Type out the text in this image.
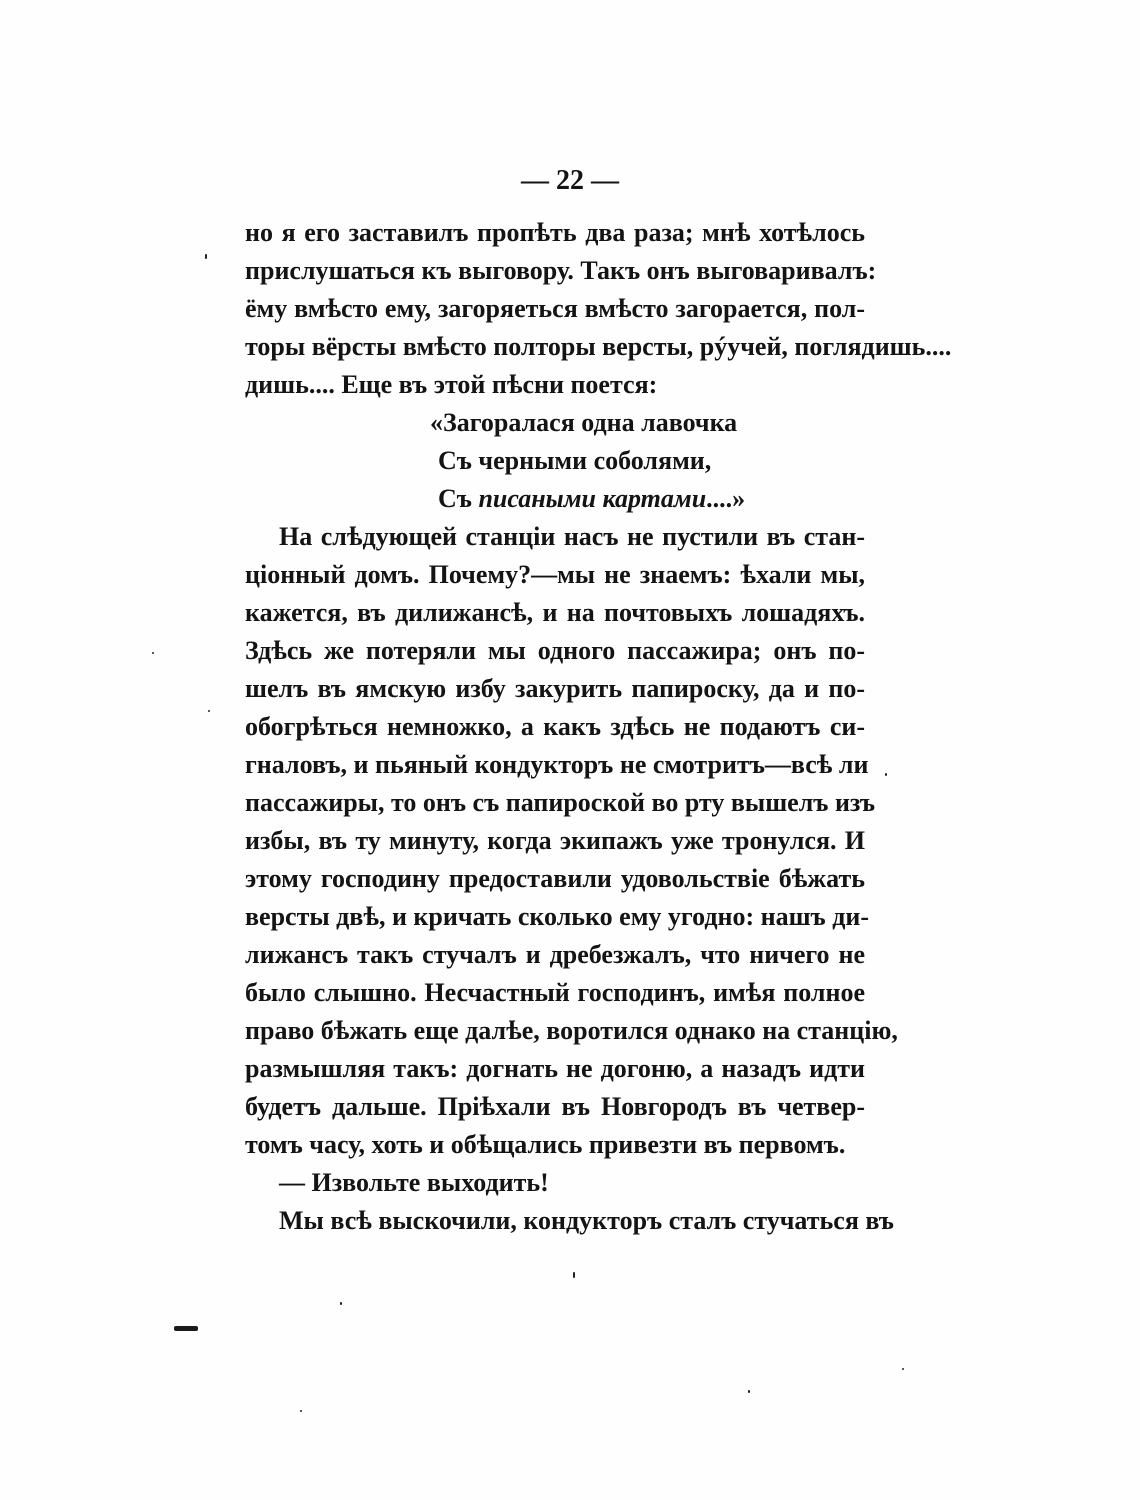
— 22 —
но я его заставилъ пропѣть два раза; мнѣ хотѣлось
прислушаться къ выговору. Такъ онъ выговаривалъ:
ёму вмѣсто ему, загоряеться вмѣсто загорается, пол-
торы вёрсты вмѣсто полторы версты, рýучей, поглядишь....
дишь.... Еще въ этой пѣсни поется:
«Загоралася одна лавочка
Съ черными соболями,
Съ писаными картами....»
На слѣдующей станціи насъ не пустили въ стан-
ціонный домъ. Почему?—мы не знаемъ: ѣхали мы,
кажется, въ дилижансѣ, и на почтовыхъ лошадяхъ.
Здѣсь же потеряли мы одного пассажира; онъ по-
шелъ въ ямскую избу закурить папироску, да и по-
обогрѣться немножко, а какъ здѣсь не подаютъ си-
гналовъ, и пьяный кондукторъ не смотритъ—всѣ ли
пассажиры, то онъ съ папироской во рту вышелъ изъ
избы, въ ту минуту, когда экипажъ уже тронулся. И
этому господину предоставили удовольствіе бѣжать
версты двѣ, и кричать сколько ему угодно: нашъ ди-
лижансъ такъ стучалъ и дребезжалъ, что ничего не
было слышно. Несчастный господинъ, имѣя полное
право бѣжать еще далѣе, воротился однако на станцію,
размышляя такъ: догнать не догоню, а назадъ идти
будетъ дальше. Пріѣхали въ Новгородъ въ четвер-
томъ часу, хоть и обѣщались привезти въ первомъ.
— Извольте выходить!
Мы всѣ выскочили, кондукторъ сталъ стучаться въ
